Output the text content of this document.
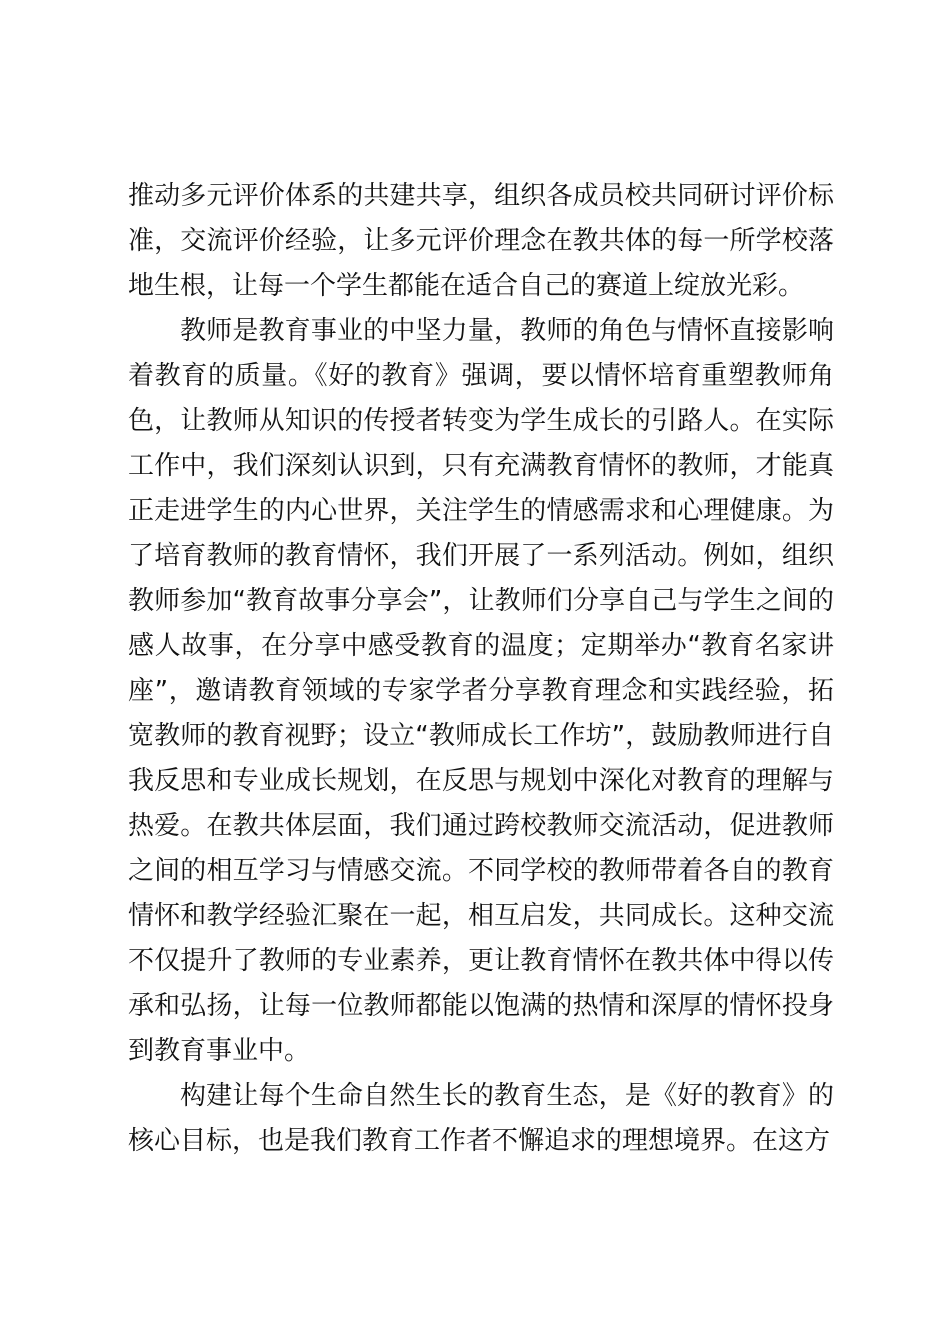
推动多元评价体系的共建共享，组织各成员校共同研讨评价标准，交流评价经验，让多元评价理念在教共体的每一所学校落地生根，让每一个学生都能在适合自己的赛道上绽放光彩。

教师是教育事业的中坚力量，教师的角色与情怀直接影响着教育的质量。《好的教育》强调，要以情怀培育重塑教师角色，让教师从知识的传授者转变为学生成长的引路人。在实际工作中，我们深刻认识到，只有充满教育情怀的教师，才能真正走进学生的内心世界，关注学生的情感需求和心理健康。为了培育教师的教育情怀，我们开展了一系列活动。例如，组织教师参加“教育故事分享会”，让教师们分享自己与学生之间的感人故事，在分享中感受教育的温度；定期举办“教育名家讲座”，邀请教育领域的专家学者分享教育理念和实践经验，拓宽教师的教育视野；设立“教师成长工作坊”，鼓励教师进行自我反思和专业成长规划，在反思与规划中深化对教育的理解与热爱。在教共体层面，我们通过跨校教师交流活动，促进教师之间的相互学习与情感交流。不同学校的教师带着各自的教育情怀和教学经验汇聚在一起，相互启发，共同成长。这种交流不仅提升了教师的专业素养，更让教育情怀在教共体中得以传承和弘扬，让每一位教师都能以饱满的热情和深厚的情怀投身到教育事业中。

构建让每个生命自然生长的教育生态，是《好的教育》的核心目标，也是我们教育工作者不懈追求的理想境界。在这方
